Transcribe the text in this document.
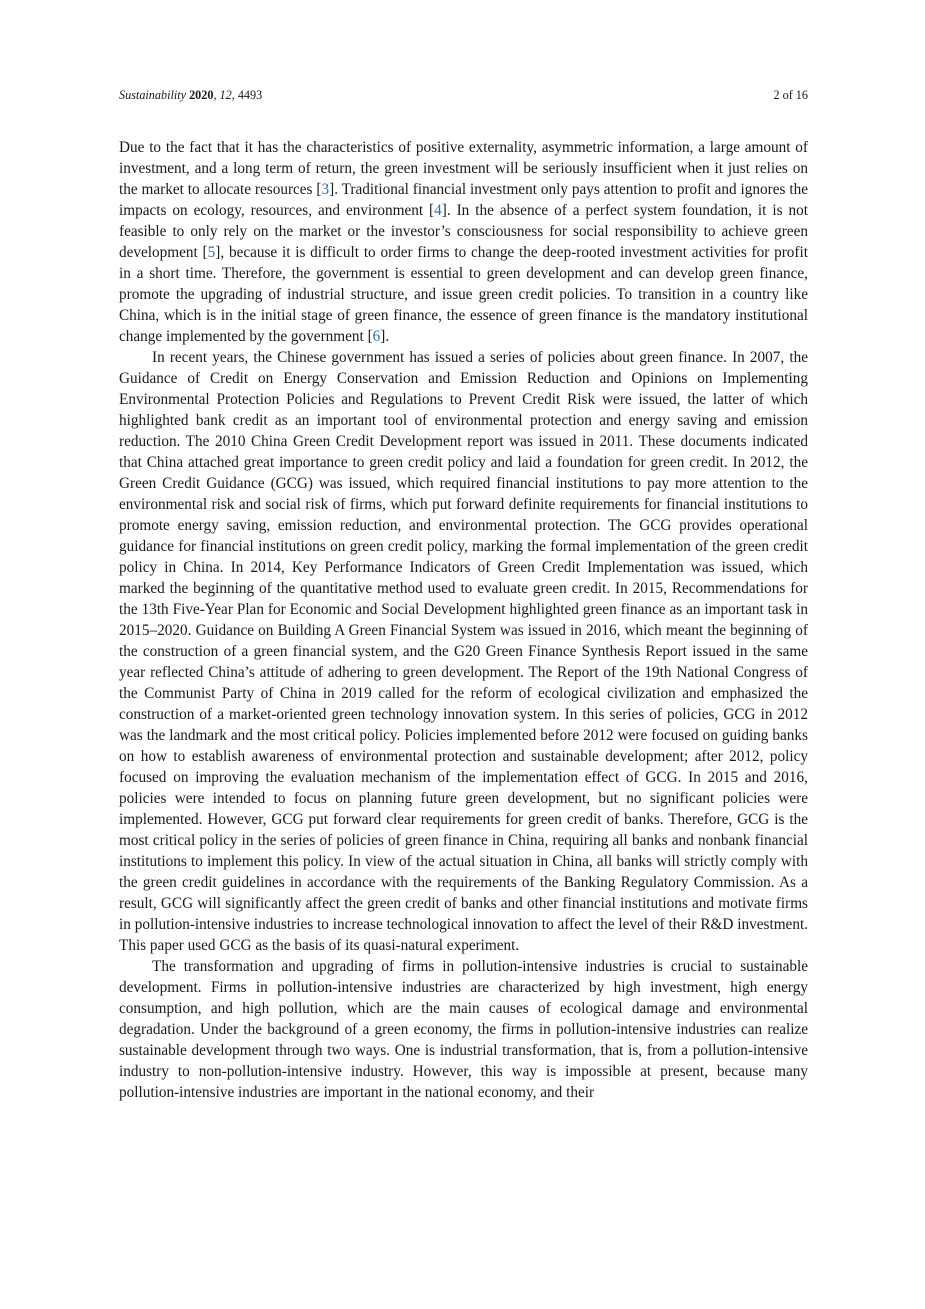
Sustainability 2020, 12, 4493	2 of 16

Due to the fact that it has the characteristics of positive externality, asymmetric information, a large amount of investment, and a long term of return, the green investment will be seriously insufficient when it just relies on the market to allocate resources [3]. Traditional financial investment only pays attention to profit and ignores the impacts on ecology, resources, and environment [4]. In the absence of a perfect system foundation, it is not feasible to only rely on the market or the investor’s consciousness for social responsibility to achieve green development [5], because it is difficult to order firms to change the deep-rooted investment activities for profit in a short time. Therefore, the government is essential to green development and can develop green finance, promote the upgrading of industrial structure, and issue green credit policies. To transition in a country like China, which is in the initial stage of green finance, the essence of green finance is the mandatory institutional change implemented by the government [6].

In recent years, the Chinese government has issued a series of policies about green finance. In 2007, the Guidance of Credit on Energy Conservation and Emission Reduction and Opinions on Implementing Environmental Protection Policies and Regulations to Prevent Credit Risk were issued, the latter of which highlighted bank credit as an important tool of environmental protection and energy saving and emission reduction. The 2010 China Green Credit Development report was issued in 2011. These documents indicated that China attached great importance to green credit policy and laid a foundation for green credit. In 2012, the Green Credit Guidance (GCG) was issued, which required financial institutions to pay more attention to the environmental risk and social risk of firms, which put forward definite requirements for financial institutions to promote energy saving, emission reduction, and environmental protection. The GCG provides operational guidance for financial institutions on green credit policy, marking the formal implementation of the green credit policy in China. In 2014, Key Performance Indicators of Green Credit Implementation was issued, which marked the beginning of the quantitative method used to evaluate green credit. In 2015, Recommendations for the 13th Five-Year Plan for Economic and Social Development highlighted green finance as an important task in 2015–2020. Guidance on Building A Green Financial System was issued in 2016, which meant the beginning of the construction of a green financial system, and the G20 Green Finance Synthesis Report issued in the same year reflected China’s attitude of adhering to green development. The Report of the 19th National Congress of the Communist Party of China in 2019 called for the reform of ecological civilization and emphasized the construction of a market-oriented green technology innovation system. In this series of policies, GCG in 2012 was the landmark and the most critical policy. Policies implemented before 2012 were focused on guiding banks on how to establish awareness of environmental protection and sustainable development; after 2012, policy focused on improving the evaluation mechanism of the implementation effect of GCG. In 2015 and 2016, policies were intended to focus on planning future green development, but no significant policies were implemented. However, GCG put forward clear requirements for green credit of banks. Therefore, GCG is the most critical policy in the series of policies of green finance in China, requiring all banks and nonbank financial institutions to implement this policy. In view of the actual situation in China, all banks will strictly comply with the green credit guidelines in accordance with the requirements of the Banking Regulatory Commission. As a result, GCG will significantly affect the green credit of banks and other financial institutions and motivate firms in pollution-intensive industries to increase technological innovation to affect the level of their R&D investment. This paper used GCG as the basis of its quasi-natural experiment.

The transformation and upgrading of firms in pollution-intensive industries is crucial to sustainable development. Firms in pollution-intensive industries are characterized by high investment, high energy consumption, and high pollution, which are the main causes of ecological damage and environmental degradation. Under the background of a green economy, the firms in pollution-intensive industries can realize sustainable development through two ways. One is industrial transformation, that is, from a pollution-intensive industry to non-pollution-intensive industry. However, this way is impossible at present, because many pollution-intensive industries are important in the national economy, and their
